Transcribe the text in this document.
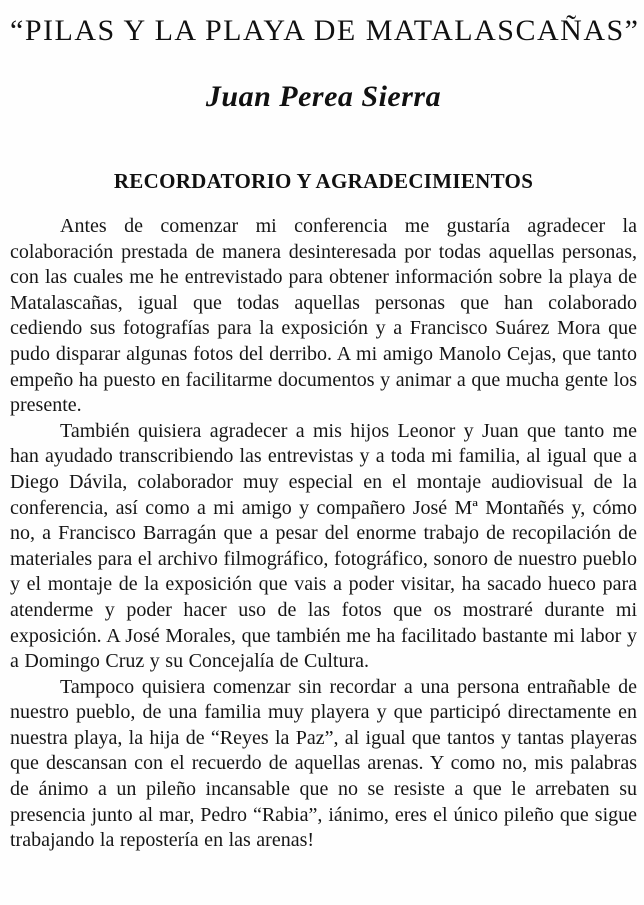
“PILAS Y LA PLAYA DE MATALASCAÑAS”
Juan Perea Sierra
RECORDATORIO Y AGRADECIMIENTOS

Antes de comenzar mi conferencia me gustaría agradecer la colaboración prestada de manera desinteresada por todas aquellas personas, con las cuales me he entrevistado para obtener información sobre la playa de Matalascañas, igual que todas aquellas personas que han colaborado cediendo sus fotografías para la exposición y a Francisco Suárez Mora que pudo disparar algunas fotos del derribo. A mi amigo Manolo Cejas, que tanto empeño ha puesto en facilitarme documentos y animar a que mucha gente los presente.

También quisiera agradecer a mis hijos Leonor y Juan que tanto me han ayudado transcribiendo las entrevistas y a toda mi familia, al igual que a Diego Dávila, colaborador muy especial en el montaje audiovisual de la conferencia, así como a mi amigo y compañero José Mª Montañés y, cómo no, a Francisco Barragán que a pesar del enorme trabajo de recopilación de materiales para el archivo filmográfico, fotográfico, sonoro de nuestro pueblo y el montaje de la exposición que vais a poder visitar, ha sacado hueco para atenderme y poder hacer uso de las fotos que os mostraré durante mi exposición. A José Morales, que también me ha facilitado bastante mi labor y a Domingo Cruz y su Concejalía de Cultura.

Tampoco quisiera comenzar sin recordar a una persona entrañable de nuestro pueblo, de una familia muy playera y que participó directamente en nuestra playa, la hija de “Reyes la Paz”, al igual que tantos y tantas playeras que descansan con el recuerdo de aquellas arenas. Y como no, mis palabras de ánimo a un pileño incansable que no se resiste a que le arrebaten su presencia junto al mar, Pedro “Rabia”, iánimo, eres el único pileño que sigue trabajando la repostería en las arenas!
